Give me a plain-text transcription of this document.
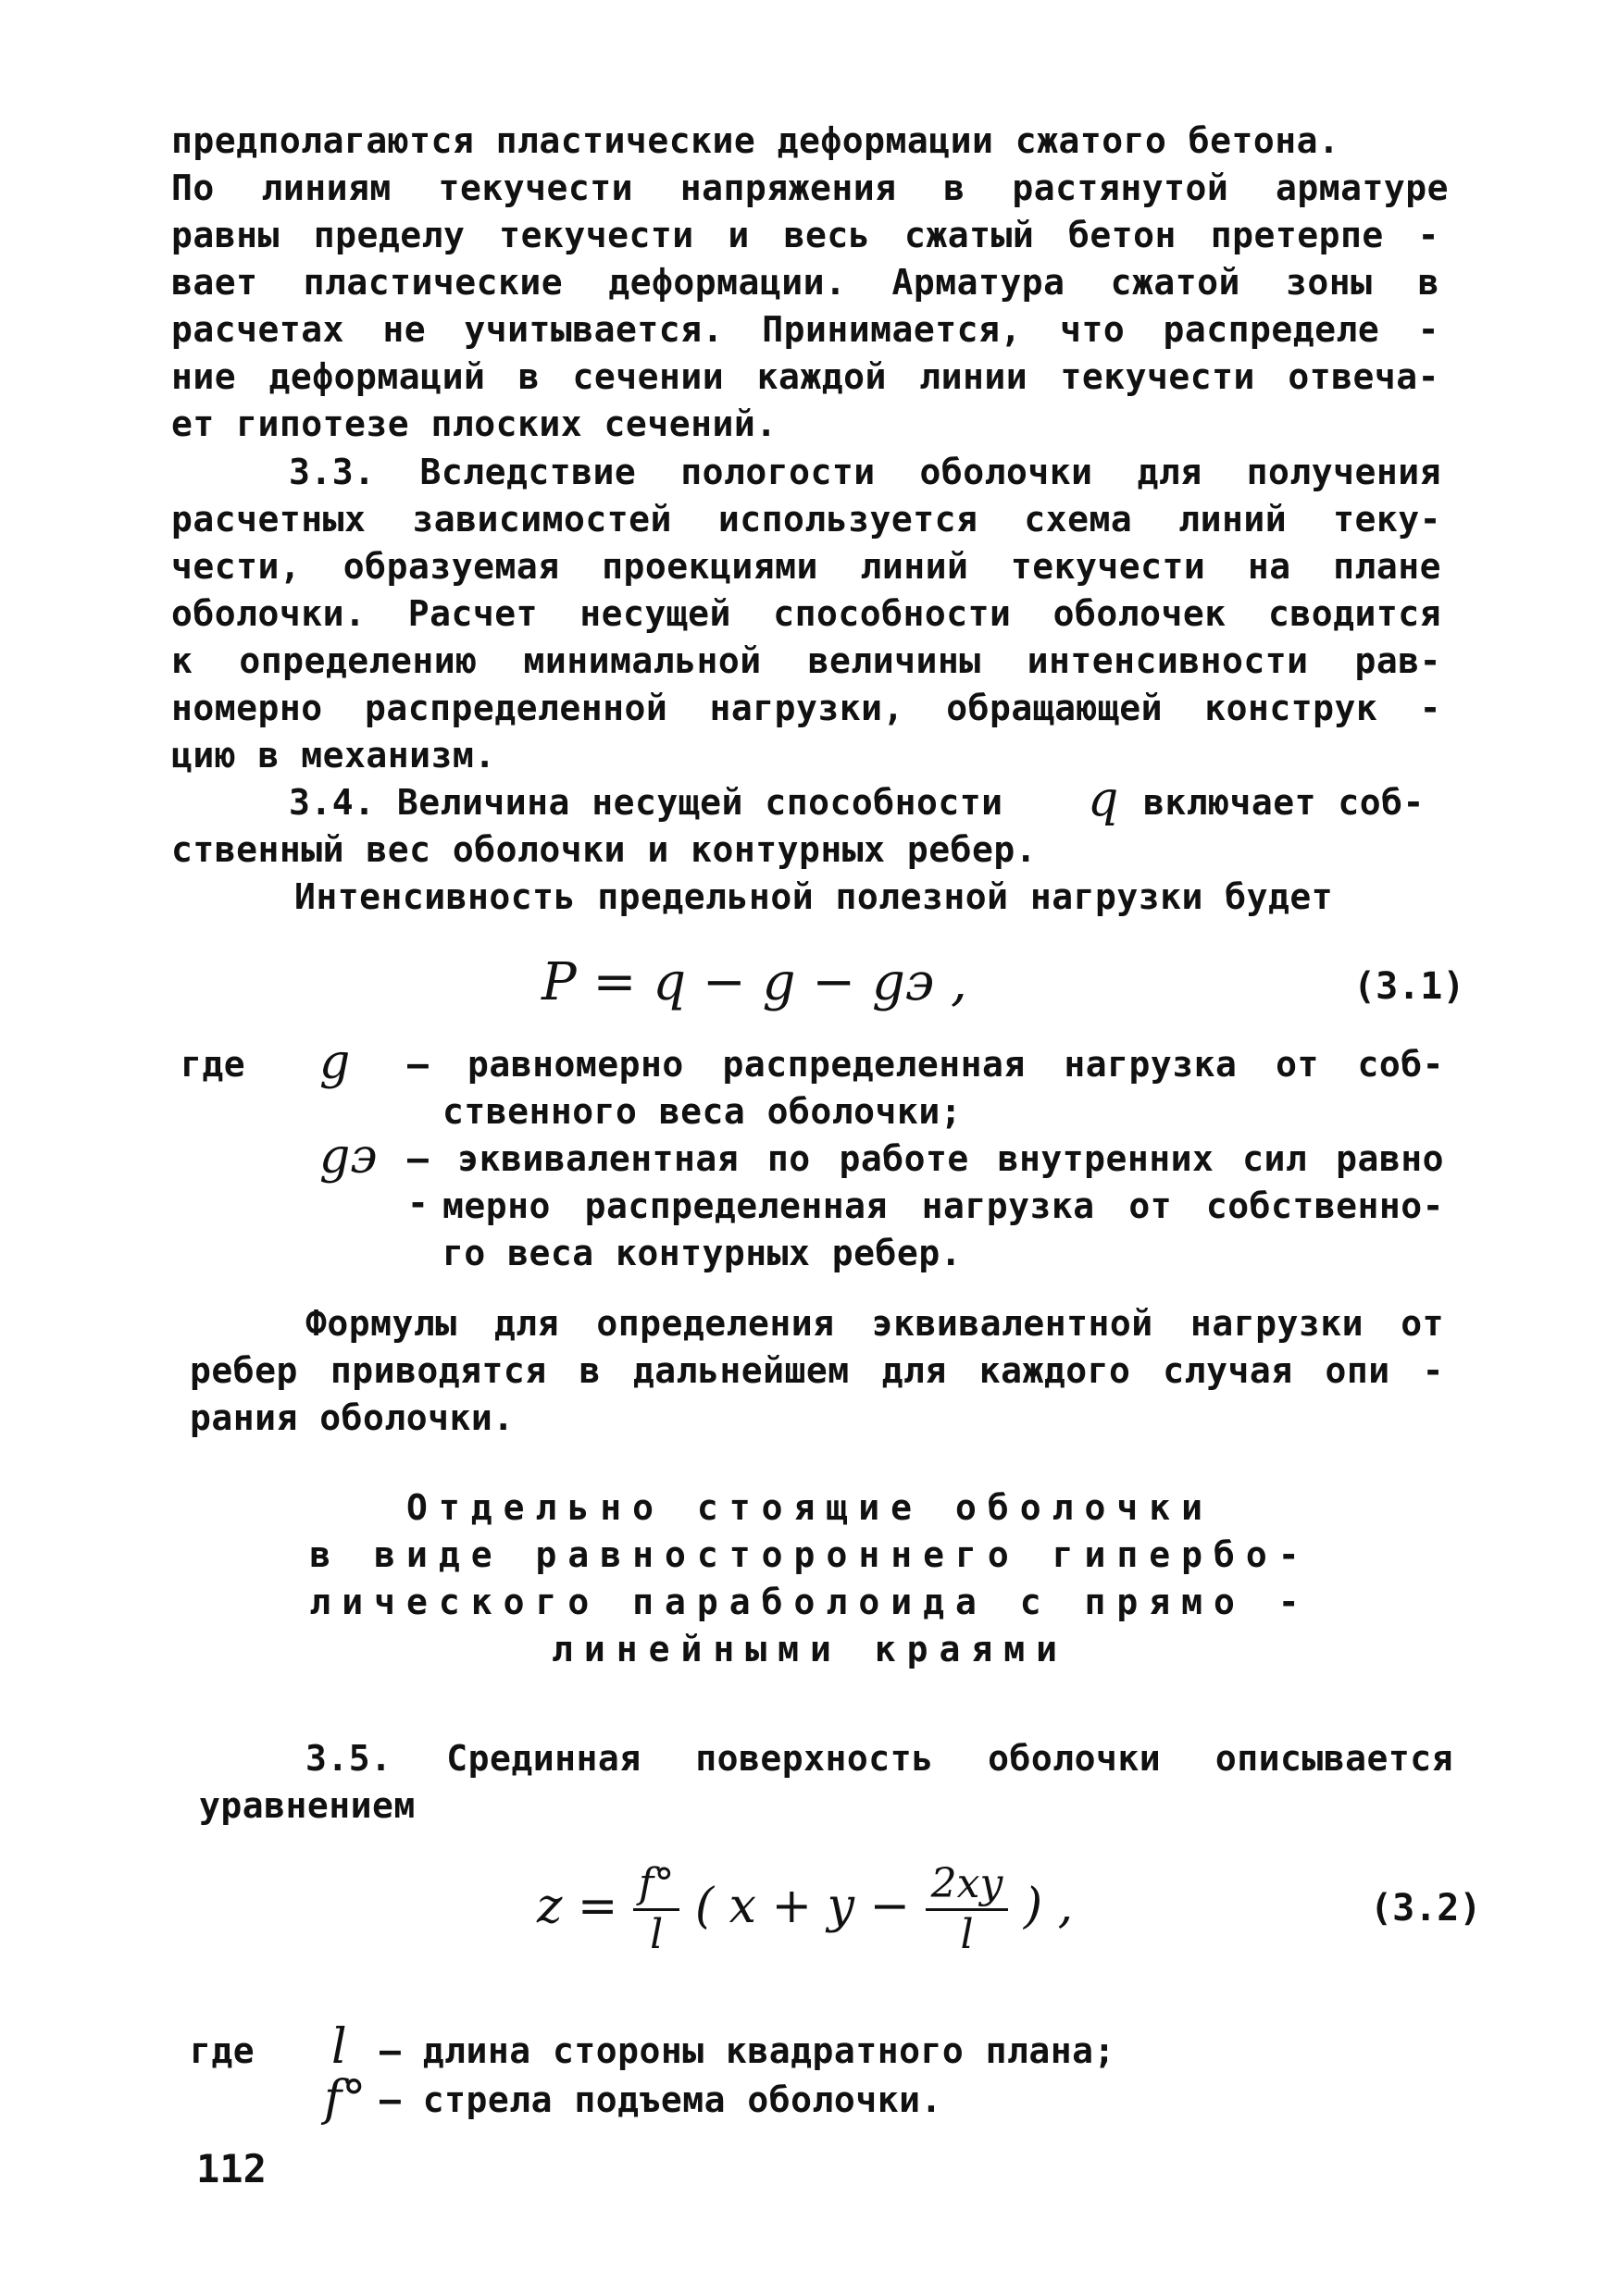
предполагаются пластические деформации сжатого бетона.
По линиям текучести напряжения в растянутой арматуре
равны пределу текучести и весь сжатый бетон претерпе -
вает пластические деформации. Арматура сжатой зоны в
расчетах не учитывается. Принимается, что распределе -
ние деформаций в сечении каждой линии текучести отвеча-
ет гипотезе плоских сечений.
3.3. Вследствие пологости оболочки для получения
расчетных зависимостей используется схема линий теку-
чести, образуемая проекциями линий текучести на плане
оболочки. Расчет несущей способности оболочек сводится
к определению минимальной величины интенсивности рав-
номерно распределенной нагрузки, обращающей конструк -
цию в механизм.
3.4. Величина несущей способности q включает соб-
ственный вес оболочки и контурных ребер.
Интенсивность предельной полезной нагрузки будет
P = q − g − gэ ,	(3.1)
где g – равномерно распределенная нагрузка от соб-
ственного веса оболочки;
gэ – эквивалентная по работе внутренних сил равно - мерно распределенная нагрузка от собственно-
го веса контурных ребер.
Формулы для определения эквивалентной нагрузки от
ребер приводятся в дальнейшем для каждого случая опи -
рания оболочки.
Отдельно стоящие оболочки
в виде равностороннего гипербо-
лического параболоида с прямо -
линейными краями
3.5. Срединная поверхность оболочки описывается
уравнением
$z = \frac{f^\circ}{l}$ ( $x + y - \frac{2xy}{l}$ ) ,	(3.2)
где l – длина стороны квадратного плана;
f° – стрела подъема оболочки.
112
